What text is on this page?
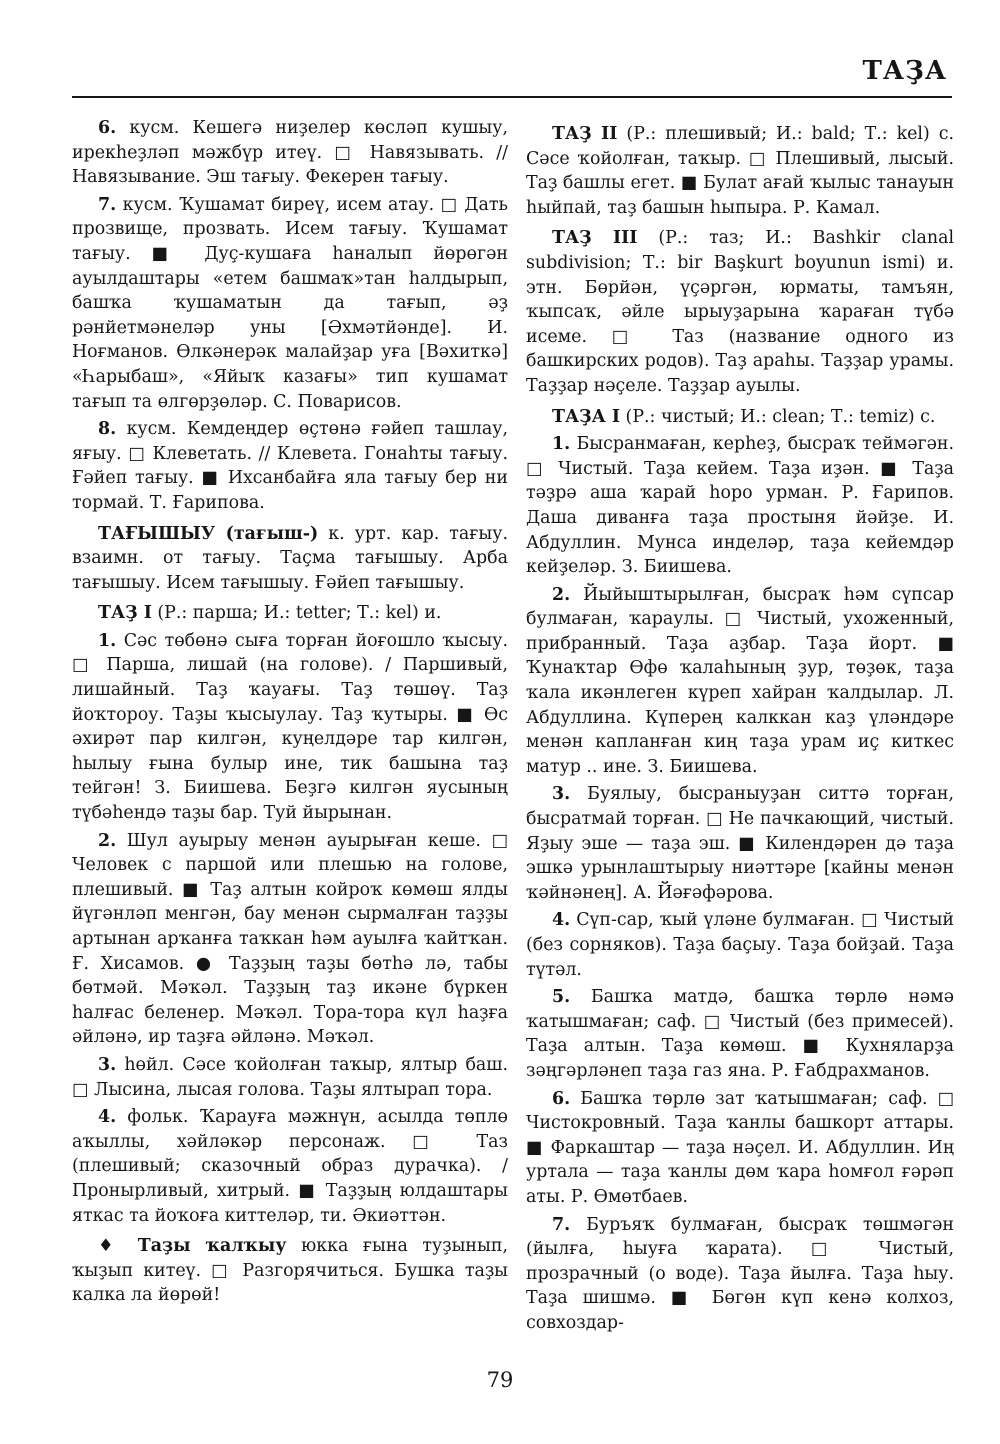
ТАҘА

6. кусм. Кешегә ниҙелер көсләп кушыу, ирекһеҙләп мәжбүр итеү. □ Навязывать. // Навязывание. Эш тағыу. Фекерен тағыу.

7. кусм. Ҡушамат биреү, исем атау. □ Дать прозвище, прозвать. Исем тағыу. Ҡушамат тағыу. ■ Дуҫ-кушаға һаналып йөрөгән ауылдаштары «етем башмаҡ»тан һалдырып, башҡа ҡушаматын да тағып, әҙ рәнйетмәнеләр уны [Әхмәтйәнде]. И. Ноғманов. Өлкәнерәк малайҙар уға [Вәхиткә] «Һарыбаш», «Яйыҡ казағы» тип кушамат тағып та өлгөрҙөләр. С. Поварисов.

8. кусм. Кемдеңдер өҫтөнә ғәйеп ташлау, яғыу. □ Клеветать. // Клевета. Гонаһты тағыу. Ғәйеп тағыу. ■ Ихсанбайға яла тағыу бер ни тормай. Т. Ғарипова.

ТАҒЫШЫУ (тағыш-) к. урт. кар. тағыу. взаимн. от тағыу. Таҫма тағышыу. Арба тағышыу. Исем тағышыу. Ғәйеп тағышыу.

ТАҘ I (Р.: парша; И.: tetter; Т.: kel) и.

1. Сәс төбөнә сыға торған йоғошло ҡысыу. □ Парша, лишай (на голове). / Паршивый, лишайный. Таҙ ҡауағы. Таҙ төшөү. Таҙ йоҡтороу. Таҙы ҡысыулау. Таҙ ҡутыры. ■ Өс әхирәт пар килгән, куңелдәре тар килгән, һылыу ғына булыр ине, тик башына таҙ тейгән! З. Биишева. Беҙгә килгән яусының түбәһендә таҙы бар. Туй йырынан.

2. Шул ауырыу менән ауырыған кеше. □ Человек с паршой или плешью на голове, плешивый. ■ Таҙ алтын койроҡ көмөш ялды йүгәнләп менгән, бау менән сырмалған таҙҙы артынан арҡанға таҡкан һәм ауылға ҡайтҡан. Ғ. Хисамов. ● Таҙҙың таҙы бөтһә лә, табы бөтмәй. Мәҡәл. Таҙҙың таҙ икәне бүркен һалғас беленер. Мәҡәл. Тора-тора күл һаҙға әйләнә, ир таҙға әйләнә. Мәҡәл.

3. һөйл. Сәсе ҡойолған таҡыр, ялтыр баш. □ Лысина, лысая голова. Таҙы ялтырап тора.

4. фольк. Ҡарауға мәжнүн, асылда төплө аҡыллы, хәйләкәр персонаж. □ Таз (плешивый; сказочный образ дурачка). / Пронырливый, хитрый. ■ Таҙҙың юлдаштары яткас та йоҡоға киттеләр, ти. Әкиәттән.

♦ Таҙы ҡалҡыу юкка ғына туҙынып, ҡыҙып китеү. □ Разгорячиться. Бушка таҙы калка ла йөрөй!

ТАҘ II (Р.: плешивый; И.: bald; Т.: kel) с. Сәсе ҡойолған, таҡыр. □ Плешивый, лысый. Таҙ башлы егет. ■ Булат ағай ҡылыс танауын һыйпай, таҙ башын һыпыра. Р. Камал.

ТАҘ III (Р.: таз; И.: Bashkir clanal subdivision; Т.: bir Başkurt boyunun ismi) и. этн. Бөрйән, үҫәргән, юрматы, тамъян, ҡыпсаҡ, әйле ырыуҙарына ҡараған түбә исеме. □ Таз (название одного из башкирских родов). Таҙ араһы. Таҙҙар урамы. Таҙҙар нәҫеле. Таҙҙар ауылы.

ТАҘА I (Р.: чистый; И.: clean; Т.: temiz) с.

1. Бысранмаған, керһеҙ, бысраҡ теймәгән. □ Чистый. Таҙа кейем. Таҙа иҙән. ■ Таҙа тәҙрә аша ҡарай һоро урман. Р. Ғарипов. Даша диванға таҙа простыня йәйҙе. И. Абдуллин. Мунса инделәр, таҙа кейемдәр кейҙеләр. З. Биишева.

2. Йыйыштырылған, бысраҡ һәм сүпсар булмаған, ҡараулы. □ Чистый, ухоженный, прибранный. Таҙа аҙбар. Таҙа йорт. ■ Ҡунаҡтар Өфө ҡалаһының ҙур, төҙөк, таҙа ҡала икәнлеген күреп хайран ҡалдылар. Л. Абдуллина. Күперең калккан каҙ үләндәре менән капланған киң таҙа урам иҫ киткес матур .. ине. З. Биишева.

3. Буялыу, бысраныуҙан ситтә торған, бысратмай торған. □ Не пачкающий, чистый. Яҙыу эше — таҙа эш. ■ Килендәрен дә таҙа эшкә урынлаштырыу ниәттәре [кайны менән ҡәйнәнең]. А. Йәғәфәрова.

4. Сүп-сар, ҡый үләне булмаған. □ Чистый (без сорняков). Таҙа баҫыу. Таҙа бойҙай. Таҙа түтәл.

5. Башҡа матдә, башҡа төрлө нәмә ҡатышмаған; саф. □ Чистый (без примесей). Таҙа алтын. Таҙа көмөш. ■ Кухняларҙа зәңгәрләнеп таҙа газ яна. Р. Ғабдрахманов.

6. Башҡа төрлө зат ҡатышмаған; саф. □ Чистокровный. Таҙа ҡанлы башкорт аттары. ■ Фаркаштар — таҙа нәҫел. И. Абдуллин. Иң уртала — таҙа ҡанлы дөм ҡара һомғол ғәрәп аты. Р. Өмөтбаев.

7. Буръяҡ булмаған, бысраҡ төшмәгән (йылға, һыуға ҡарата). □ Чистый, прозрачный (о воде). Таҙа йылға. Таҙа һыу. Таҙа шишмә. ■ Бөгөн күп кенә колхоз, совхоздар-

79
